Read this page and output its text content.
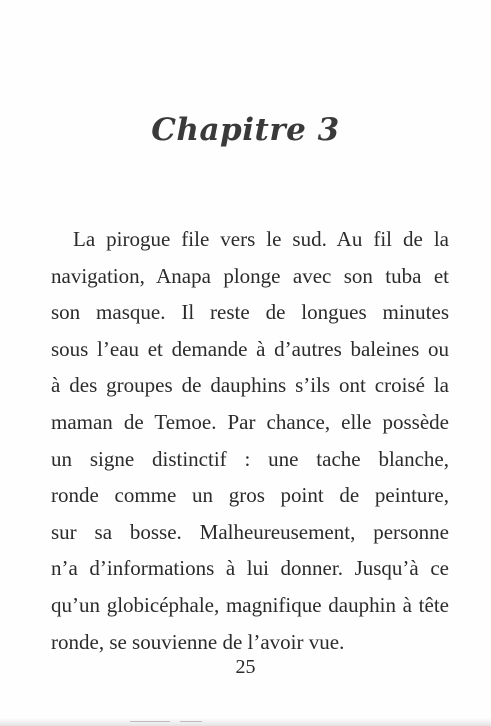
Chapitre 3

La pirogue file vers le sud. Au fil de la
navigation, Anapa plonge avec son tuba et
son masque. Il reste de longues minutes
sous l’eau et demande à d’autres baleines ou
à des groupes de dauphins s’ils ont croisé la
maman de Temoe. Par chance, elle possède
un signe distinctif : une tache blanche,
ronde comme un gros point de peinture,
sur sa bosse. Malheureusement, personne
n’a d’informations à lui donner. Jusqu’à ce
qu’un globicéphale, magnifique dauphin à tête
ronde, se souvienne de l’avoir vue.

25
